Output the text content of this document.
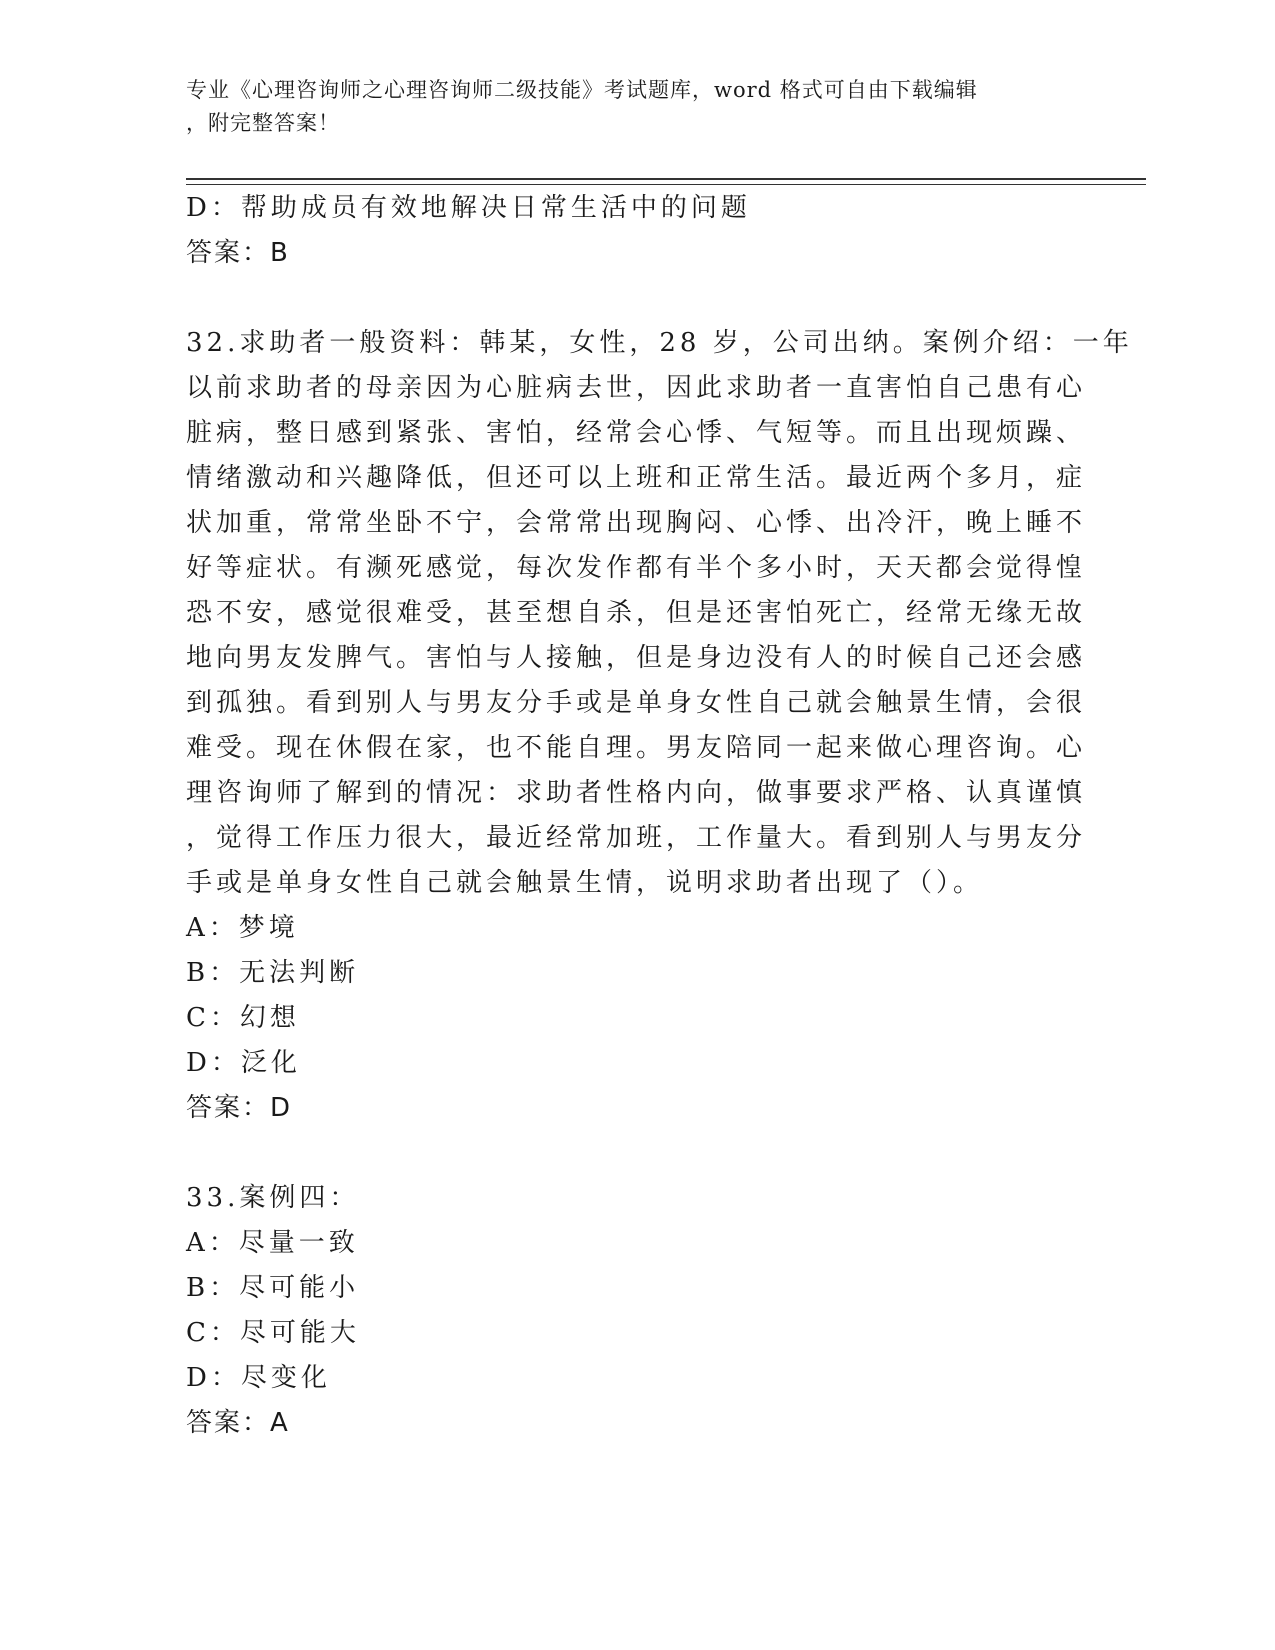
专业《心理咨询师之心理咨询师二级技能》考试题库，word 格式可自由下载编辑
，附完整答案！
D：帮助成员有效地解决日常生活中的问题
答案：B
32.求助者一般资料：韩某，女性，28 岁，公司出纳。案例介绍：一年
以前求助者的母亲因为心脏病去世，因此求助者一直害怕自己患有心
脏病，整日感到紧张、害怕，经常会心悸、气短等。而且出现烦躁、
情绪激动和兴趣降低，但还可以上班和正常生活。最近两个多月，症
状加重，常常坐卧不宁，会常常出现胸闷、心悸、出冷汗，晚上睡不
好等症状。有濒死感觉，每次发作都有半个多小时，天天都会觉得惶
恐不安，感觉很难受，甚至想自杀，但是还害怕死亡，经常无缘无故
地向男友发脾气。害怕与人接触，但是身边没有人的时候自己还会感
到孤独。看到别人与男友分手或是单身女性自己就会触景生情，会很
难受。现在休假在家，也不能自理。男友陪同一起来做心理咨询。心
理咨询师了解到的情况：求助者性格内向，做事要求严格、认真谨慎
，觉得工作压力很大，最近经常加班，工作量大。看到别人与男友分
手或是单身女性自己就会触景生情，说明求助者出现了（）。
A：梦境
B：无法判断
C：幻想
D：泛化
答案：D
33.案例四：
A：尽量一致
B：尽可能小
C：尽可能大
D：尽变化
答案：A
